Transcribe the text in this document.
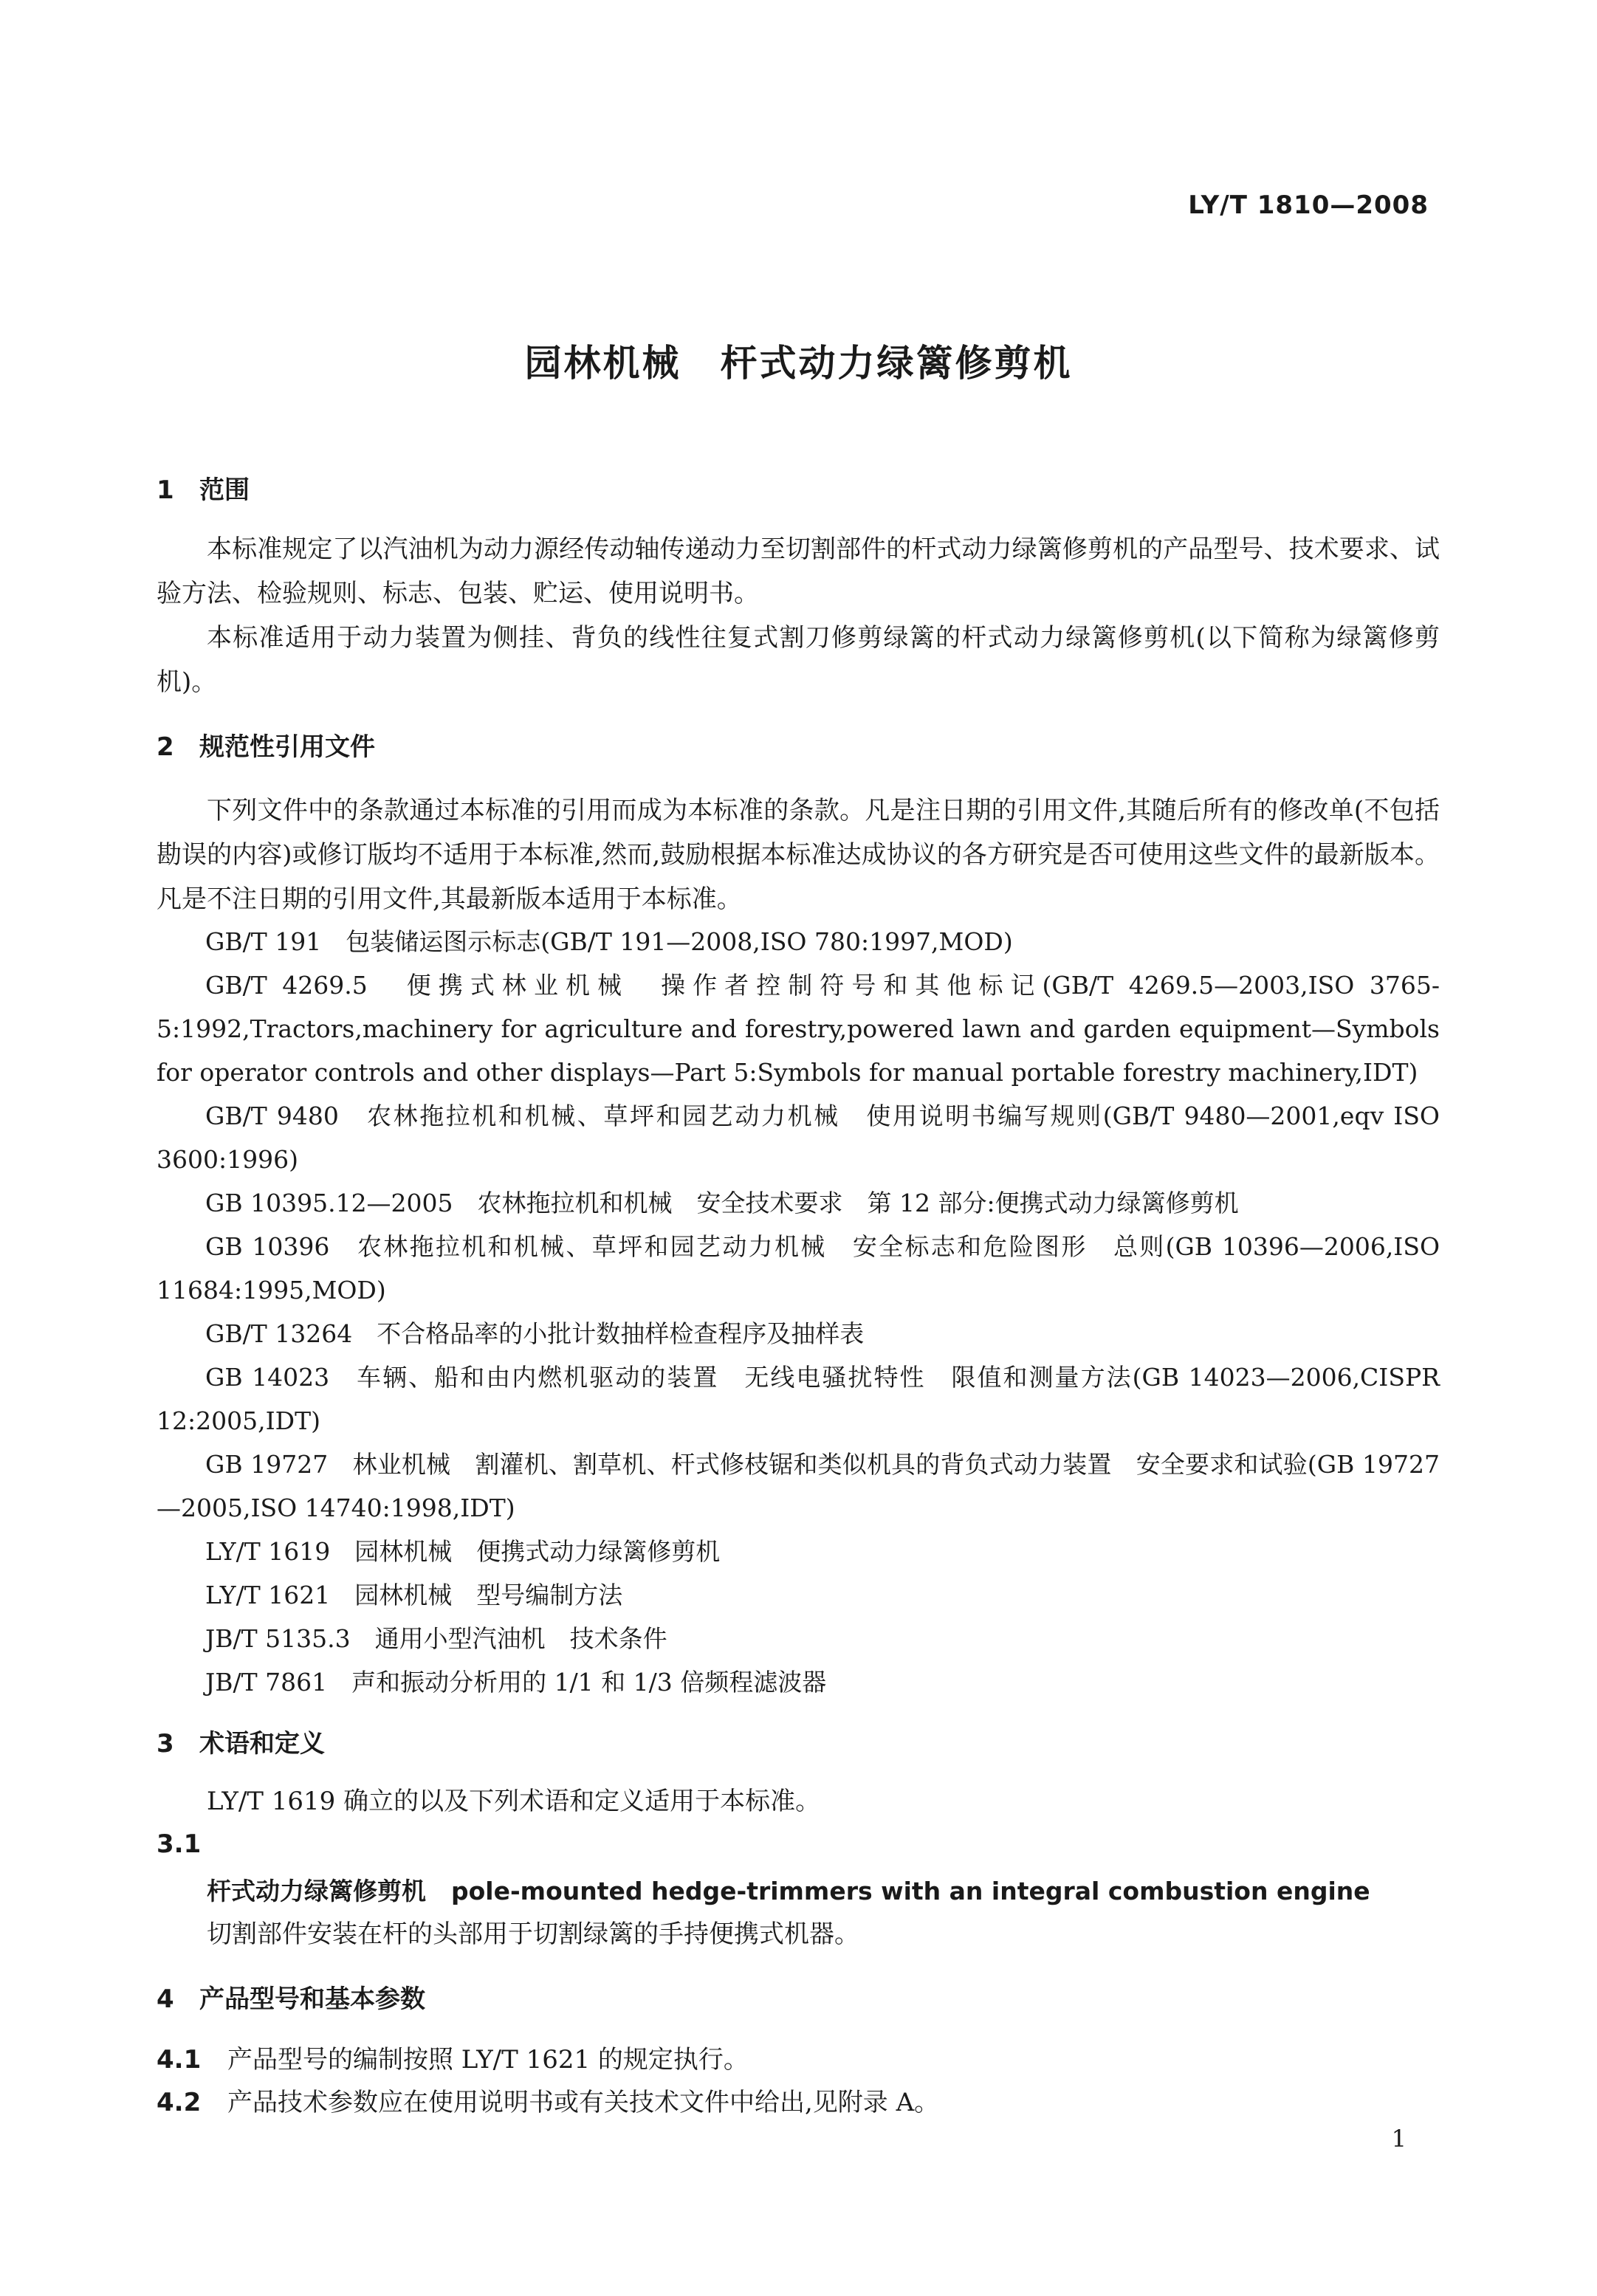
LY/T 1810—2008
园林机械　杆式动力绿篱修剪机
1 范围
本标准规定了以汽油机为动力源经传动轴传递动力至切割部件的杆式动力绿篱修剪机的产品型号、技术要求、试验方法、检验规则、标志、包装、贮运、使用说明书。
本标准适用于动力装置为侧挂、背负的线性往复式割刀修剪绿篱的杆式动力绿篱修剪机(以下简称为绿篱修剪机)。
2 规范性引用文件
下列文件中的条款通过本标准的引用而成为本标准的条款。凡是注日期的引用文件,其随后所有的修改单(不包括勘误的内容)或修订版均不适用于本标准,然而,鼓励根据本标准达成协议的各方研究是否可使用这些文件的最新版本。凡是不注日期的引用文件,其最新版本适用于本标准。
GB/T 191　包装储运图示标志(GB/T 191—2008,ISO 780:1997,MOD)
GB/T 4269.5　便携式林业机械　操作者控制符号和其他标记(GB/T 4269.5—2003,ISO 3765-5:1992,Tractors,machinery for agriculture and forestry,powered lawn and garden equipment—Symbols for operator controls and other displays—Part 5:Symbols for manual portable forestry machinery,IDT)
GB/T 9480　农林拖拉机和机械、草坪和园艺动力机械　使用说明书编写规则(GB/T 9480—2001,eqv ISO 3600:1996)
GB 10395.12—2005　农林拖拉机和机械　安全技术要求　第 12 部分:便携式动力绿篱修剪机
GB 10396　农林拖拉机和机械、草坪和园艺动力机械　安全标志和危险图形　总则(GB 10396—2006,ISO 11684:1995,MOD)
GB/T 13264　不合格品率的小批计数抽样检查程序及抽样表
GB 14023　车辆、船和由内燃机驱动的装置　无线电骚扰特性　限值和测量方法(GB 14023—2006,CISPR 12:2005,IDT)
GB 19727　林业机械　割灌机、割草机、杆式修枝锯和类似机具的背负式动力装置　安全要求和试验(GB 19727—2005,ISO 14740:1998,IDT)
LY/T 1619　园林机械　便携式动力绿篱修剪机
LY/T 1621　园林机械　型号编制方法
JB/T 5135.3　通用小型汽油机　技术条件
JB/T 7861　声和振动分析用的 1/1 和 1/3 倍频程滤波器
3 术语和定义
LY/T 1619 确立的以及下列术语和定义适用于本标准。
3.1
杆式动力绿篱修剪机 pole-mounted hedge-trimmers with an integral combustion engine
切割部件安装在杆的头部用于切割绿篱的手持便携式机器。
4 产品型号和基本参数
4.1 产品型号的编制按照 LY/T 1621 的规定执行。
4.2 产品技术参数应在使用说明书或有关技术文件中给出,见附录 A。
1
